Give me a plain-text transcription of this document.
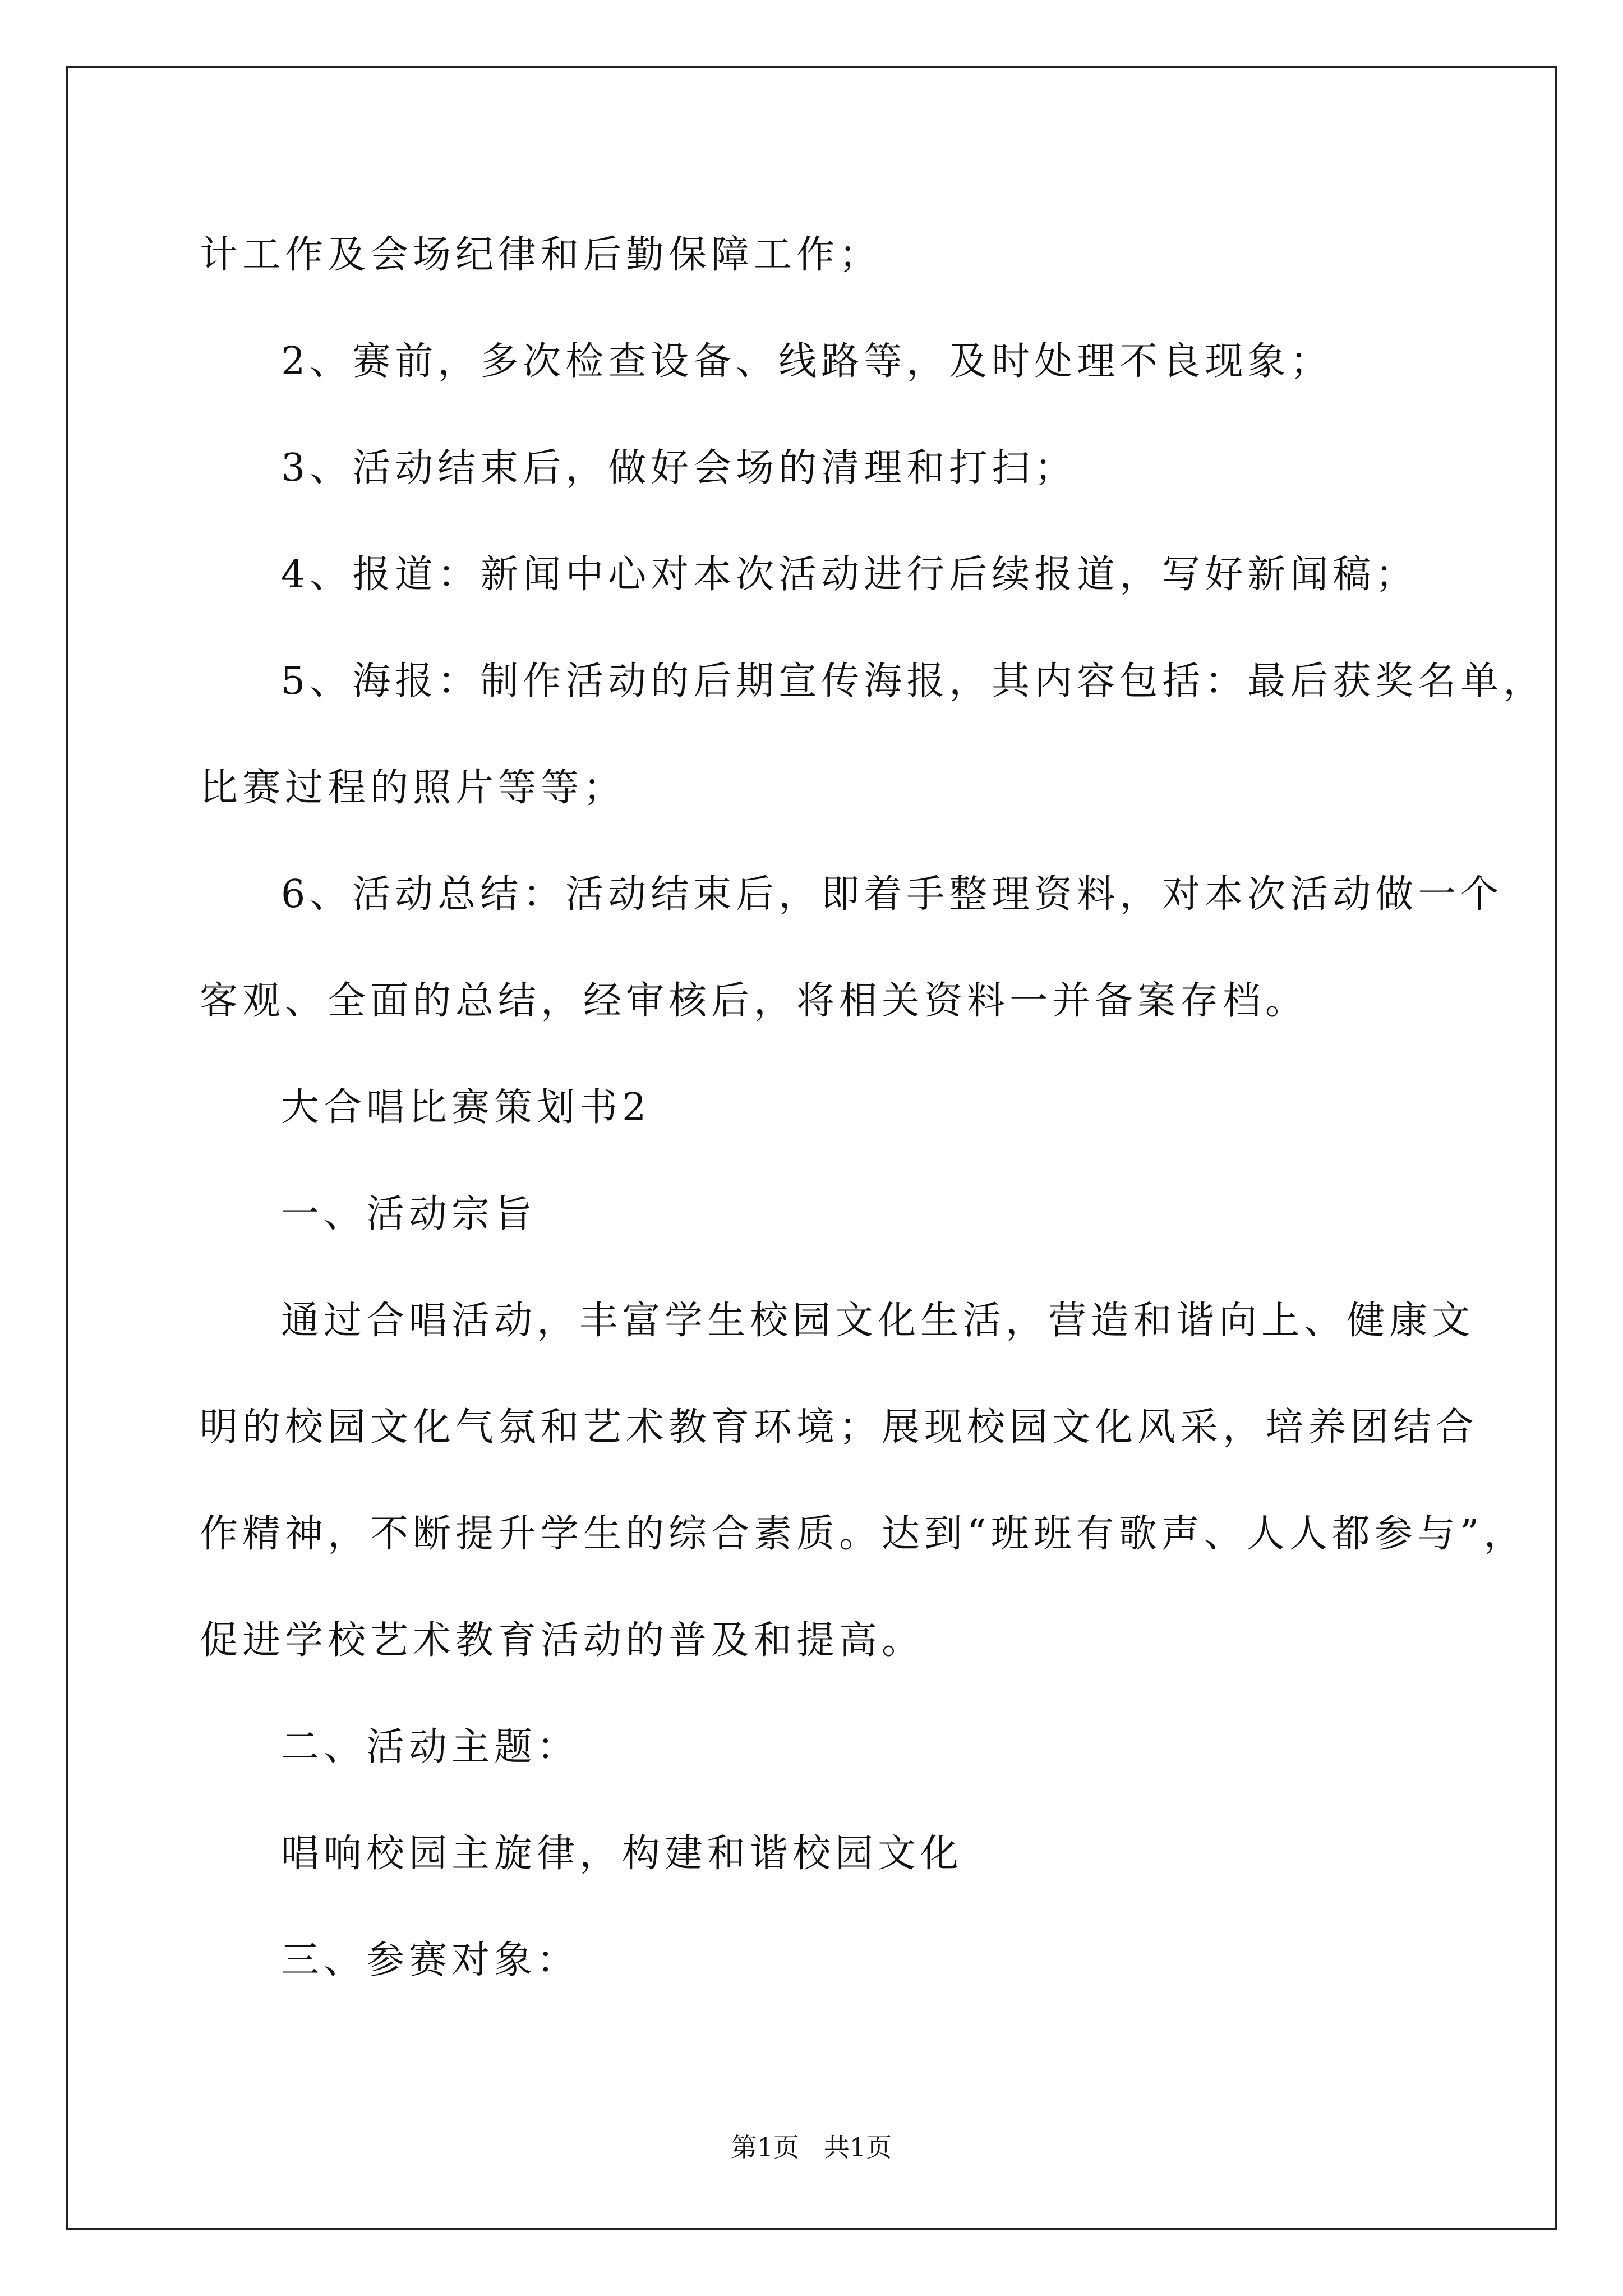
计工作及会场纪律和后勤保障工作；
2、赛前，多次检查设备、线路等，及时处理不良现象；
3、活动结束后，做好会场的清理和打扫；
4、报道：新闻中心对本次活动进行后续报道，写好新闻稿；
5、海报：制作活动的后期宣传海报，其内容包括：最后获奖名单，
比赛过程的照片等等；
6、活动总结：活动结束后，即着手整理资料，对本次活动做一个
客观、全面的总结，经审核后，将相关资料一并备案存档。
大合唱比赛策划书2
一、活动宗旨
通过合唱活动，丰富学生校园文化生活，营造和谐向上、健康文
明的校园文化气氛和艺术教育环境；展现校园文化风采，培养团结合
作精神，不断提升学生的综合素质。达到“班班有歌声、人人都参与”，
促进学校艺术教育活动的普及和提高。
二、活动主题：
唱响校园主旋律，构建和谐校园文化
三、参赛对象：
第1页   共1页
